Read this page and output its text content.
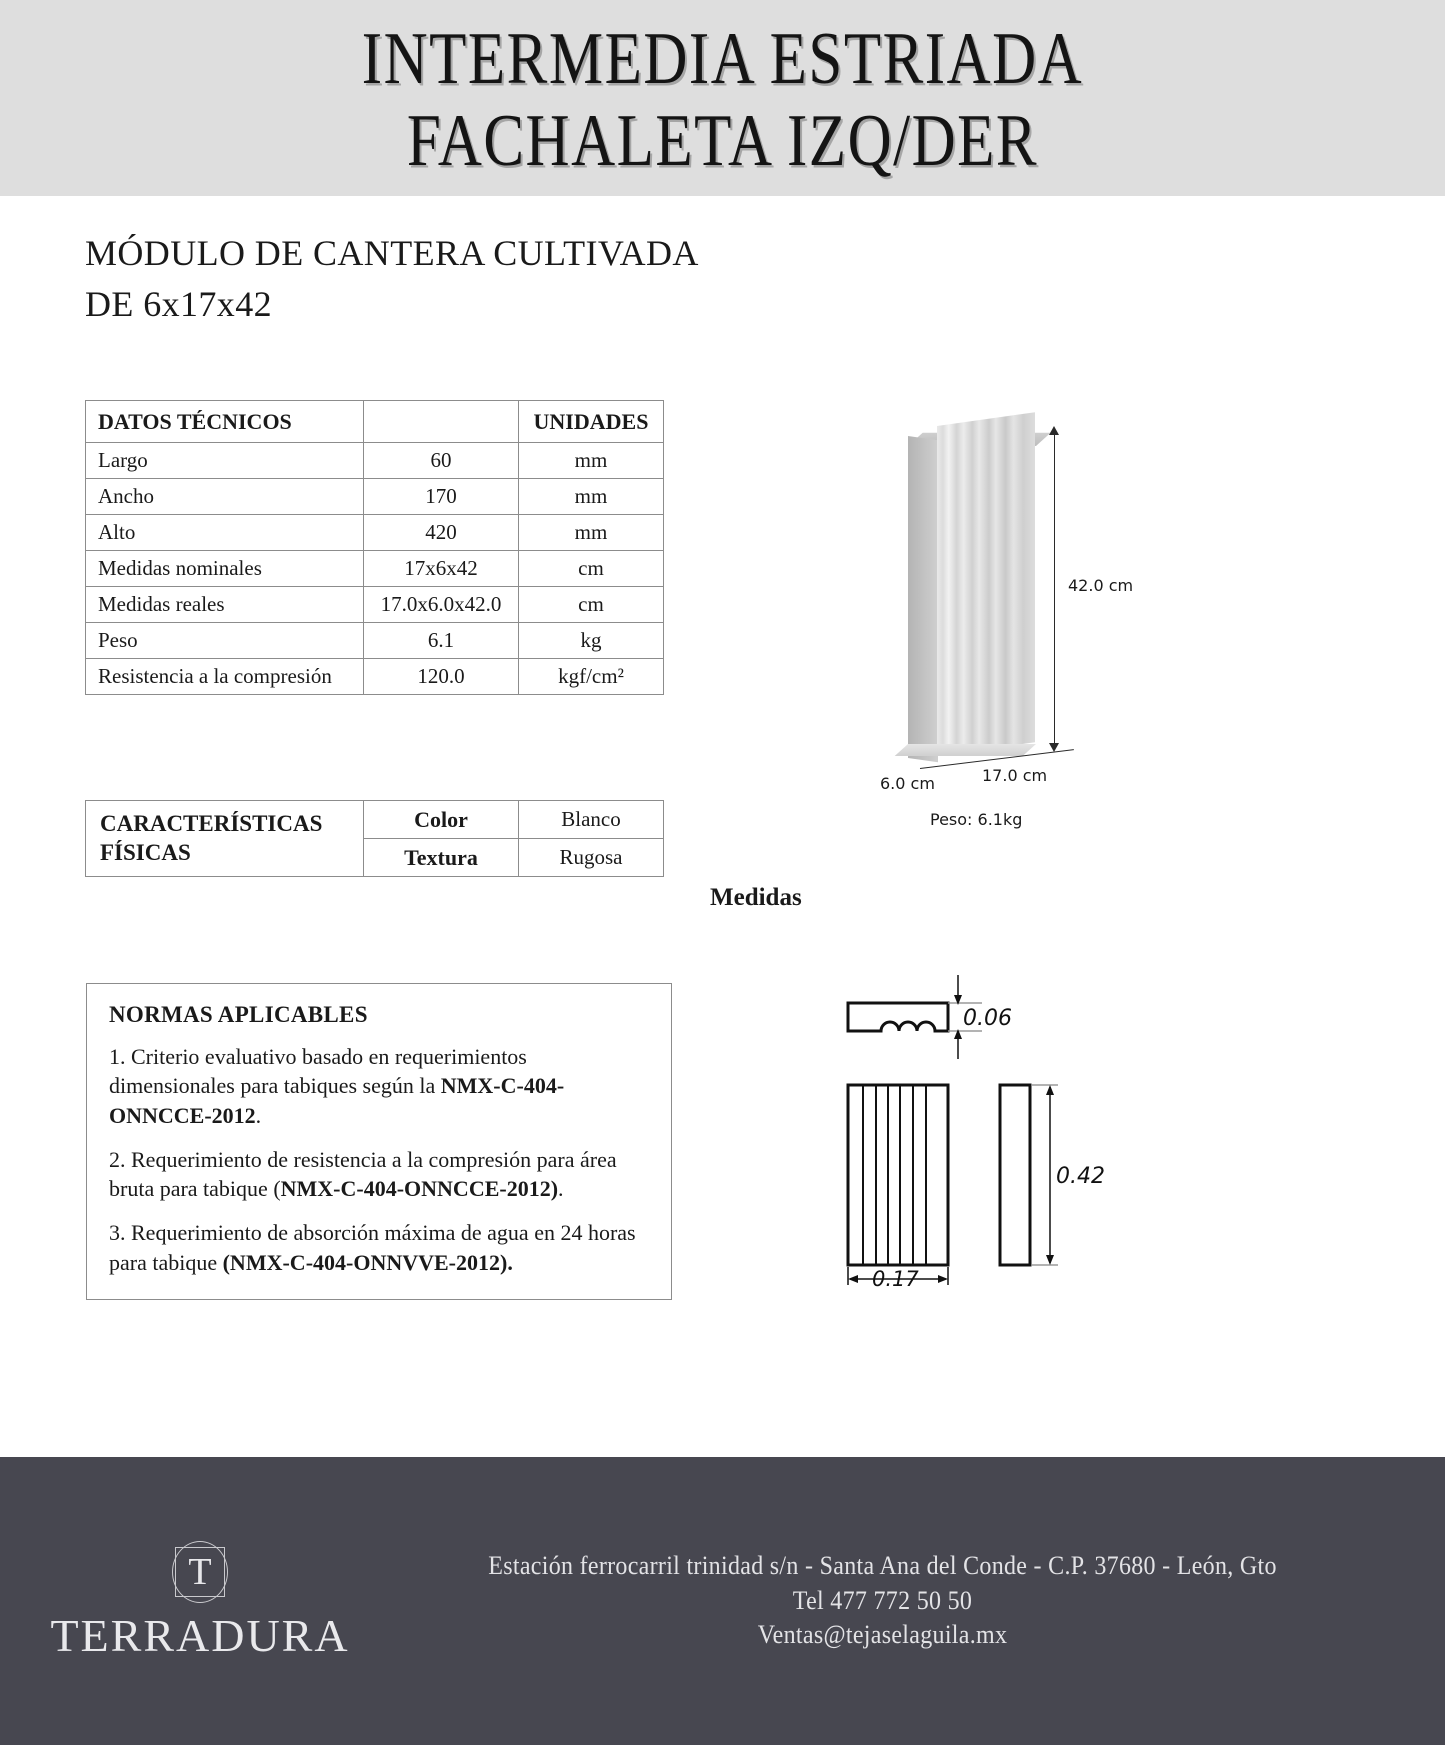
INTERMEDIA ESTRIADA
FACHALETA IZQ/DER
MÓDULO DE CANTERA CULTIVADA
DE 6x17x42
DATOS TÉCNICOS		UNIDADES
Largo	60	mm
Ancho	170	mm
Alto	420	mm
Medidas nominales	17x6x42	cm
Medidas reales	17.0x6.0x42.0	cm
Peso	6.1	kg
Resistencia a la compresión	120.0	kgf/cm²
CARACTERÍSTICAS
FÍSICAS	Color	Blanco
	Textura	Rugosa
NORMAS APLICABLES
1. Criterio evaluativo basado en requerimientos dimensionales para tabiques según la NMX-C-404-ONNCCE-2012.
2. Requerimiento de resistencia a la compresión para área bruta para tabique (NMX-C-404-ONNCCE-2012).
3. Requerimiento de absorción máxima de agua en 24 horas para tabique (NMX-C-404-ONNVVE-2012).
42.0 cm
6.0 cm	17.0 cm
Peso: 6.1kg
Medidas
0.06
0.17
0.42
T
TERRADURA
Estación ferrocarril trinidad s/n - Santa Ana del Conde - C.P. 37680 - León, Gto
Tel 477 772 50 50
Ventas@tejaselaguila.mx
